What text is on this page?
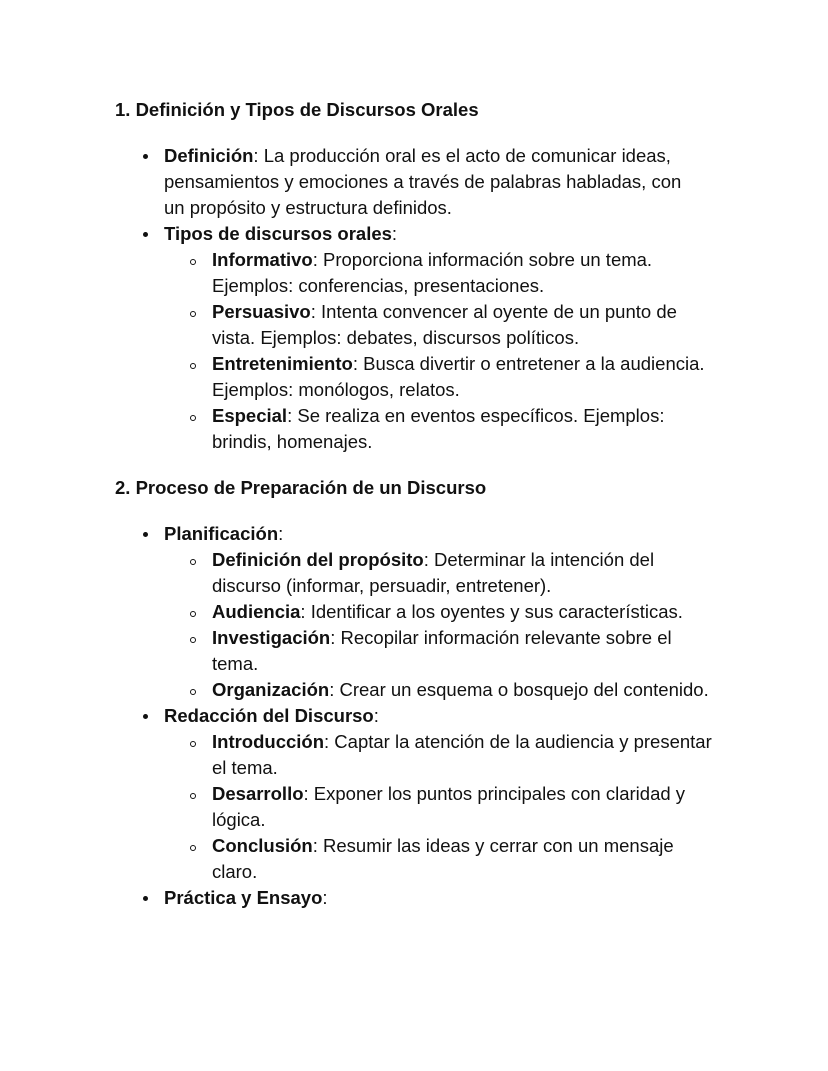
1. Definición y Tipos de Discursos Orales
Definición: La producción oral es el acto de comunicar ideas, pensamientos y emociones a través de palabras habladas, con un propósito y estructura definidos.
Tipos de discursos orales:
Informativo: Proporciona información sobre un tema. Ejemplos: conferencias, presentaciones.
Persuasivo: Intenta convencer al oyente de un punto de vista. Ejemplos: debates, discursos políticos.
Entretenimiento: Busca divertir o entretener a la audiencia. Ejemplos: monólogos, relatos.
Especial: Se realiza en eventos específicos. Ejemplos: brindis, homenajes.
2. Proceso de Preparación de un Discurso
Planificación:
Definición del propósito: Determinar la intención del discurso (informar, persuadir, entretener).
Audiencia: Identificar a los oyentes y sus características.
Investigación: Recopilar información relevante sobre el tema.
Organización: Crear un esquema o bosquejo del contenido.
Redacción del Discurso:
Introducción: Captar la atención de la audiencia y presentar el tema.
Desarrollo: Exponer los puntos principales con claridad y lógica.
Conclusión: Resumir las ideas y cerrar con un mensaje claro.
Práctica y Ensayo:
